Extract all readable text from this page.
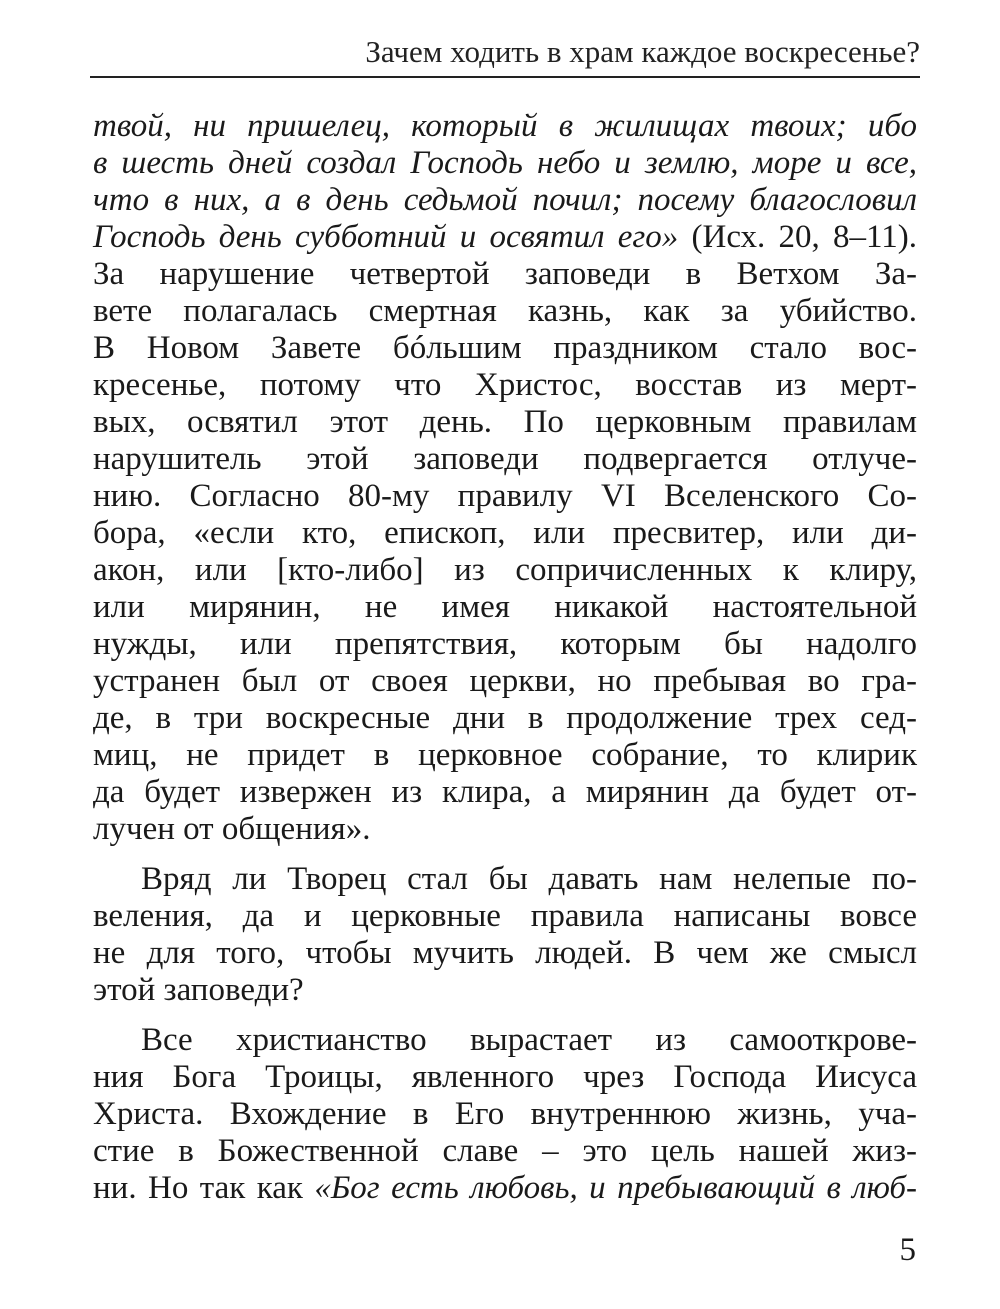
Зачем ходить в храм каждое воскресенье?
твой, ни пришелец, который в жилищах твоих; ибо
в шесть дней создал Господь небо и землю, море и все,
что в них, а в день седьмой почил; посему благословил
Господь день субботний и освятил его» (Исх. 20, 8–11).
За нарушение четвертой заповеди в Ветхом За-
вете полагалась смертная казнь, как за убийство.
В Новом Завете бóльшим праздником стало вос-
кресенье, потому что Христос, восстав из мерт-
вых, освятил этот день. По церковным правилам
нарушитель этой заповеди подвергается отлуче-
нию. Согласно 80-му правилу VI Вселенского Со-
бора, «если кто, епископ, или пресвитер, или ди-
акон, или [кто-либо] из сопричисленных к клиру,
или мирянин, не имея никакой настоятельной
нужды, или препятствия, которым бы надолго
устранен был от своея церкви, но пребывая во гра-
де, в три воскресные дни в продолжение трех сед-
миц, не придет в церковное собрание, то клирик
да будет извержен из клира, а мирянин да будет от-
лучен от общения».
Вряд ли Творец стал бы давать нам нелепые по-
веления, да и церковные правила написаны вовсе
не для того, чтобы мучить людей. В чем же смысл
этой заповеди?
Все христианство вырастает из самооткрове-
ния Бога Троицы, явленного чрез Господа Иисуса
Христа. Вхождение в Его внутреннюю жизнь, уча-
стие в Божественной славе – это цель нашей жиз-
ни. Но так как «Бог есть любовь, и пребывающий в люб-
5
